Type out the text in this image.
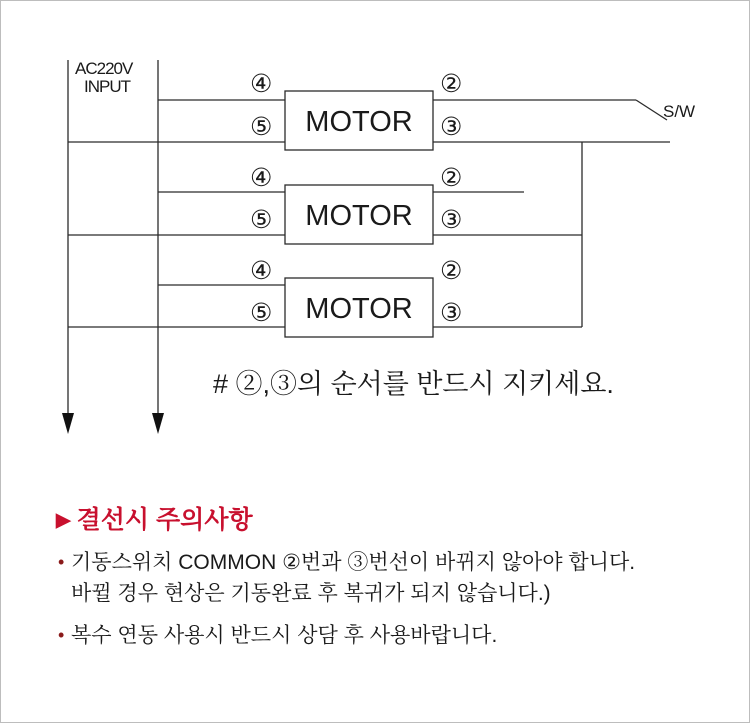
AC220V
INPUT
S/W
MOTOR
MOTOR
MOTOR
④
⑤
②
③
④
⑤
②
③
④
⑤
②
③
# ②,③의 순서를 반드시 지키세요.
▶ 결선시 주의사항
• 기동스위치 COMMON ②번과 ③번선이 바뀌지 않아야 합니다.
바뀔 경우 현상은 기동완료 후 복귀가 되지 않습니다.)
• 복수 연동 사용시 반드시 상담 후 사용바랍니다.
